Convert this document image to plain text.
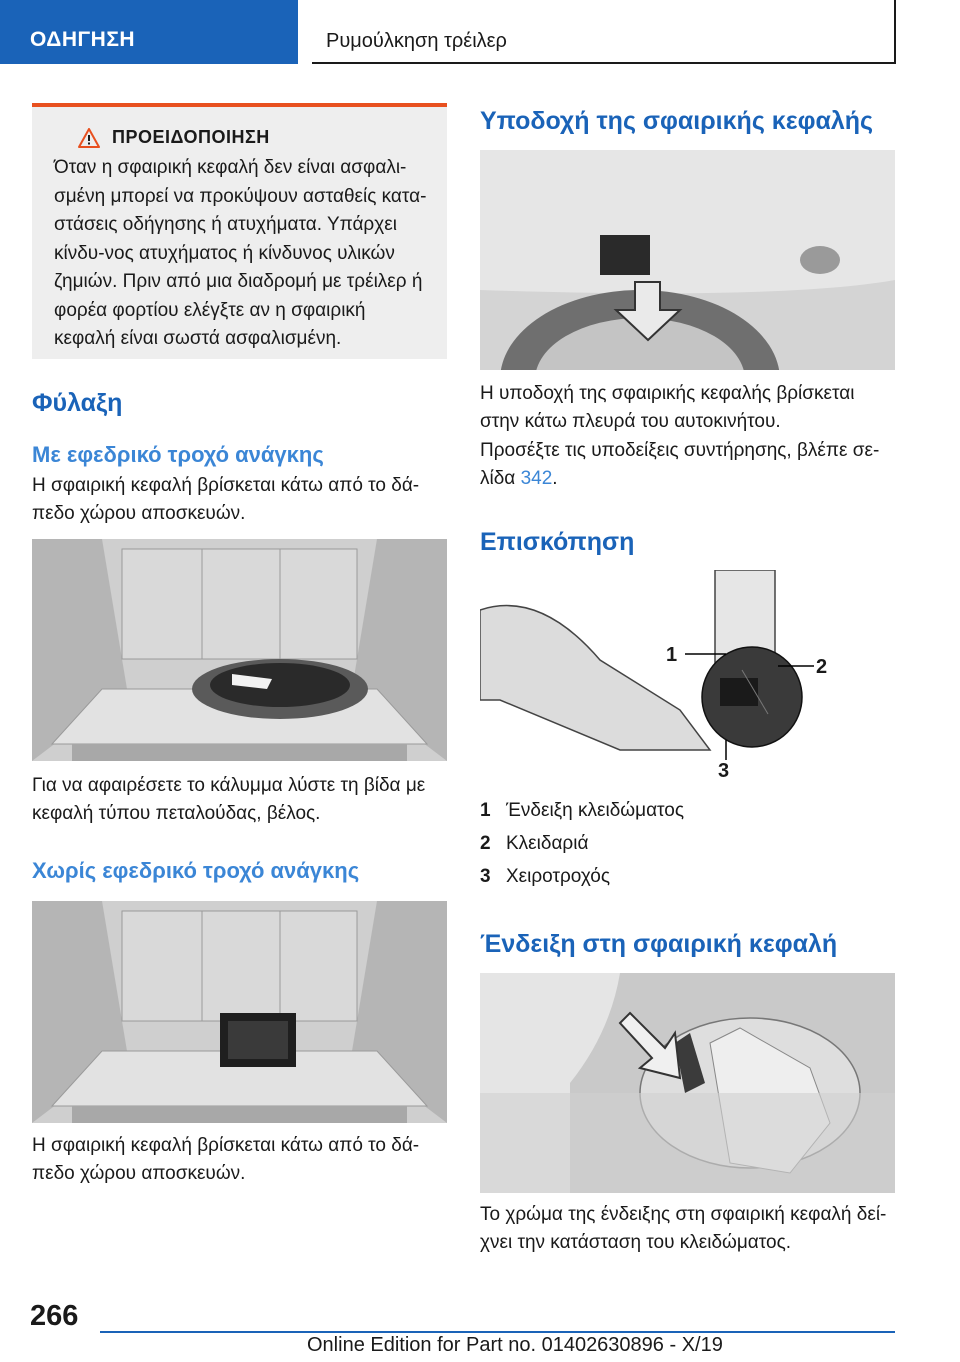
ΟΔΗΓΗΣΗ	Ρυμούλκηση τρέιλερ
ΠΡΟΕΙΔΟΠΟΙΗΣΗ

Όταν η σφαιρική κεφαλή δεν είναι ασφαλι-σμένη μπορεί να προκύψουν ασταθείς κατα-στάσεις οδήγησης ή ατυχήματα. Υπάρχει κίνδυ-νος ατυχήματος ή κίνδυνος υλικών ζημιών. Πριν από μια διαδρομή με τρέιλερ ή φορέα φορτίου ελέγξτε αν η σφαιρική κεφαλή είναι σωστά ασφαλισμένη.

Φύλαξη
Με εφεδρικό τροχό ανάγκης

Η σφαιρική κεφαλή βρίσκεται κάτω από το δά-πεδο χώρου αποσκευών.

Για να αφαιρέσετε το κάλυμμα λύστε τη βίδα με κεφαλή τύπου πεταλούδας, βέλος.

Χωρίς εφεδρικό τροχό ανάγκης

Η σφαιρική κεφαλή βρίσκεται κάτω από το δά-πεδο χώρου αποσκευών.

Υποδοχή της σφαιρικής κεφαλής

Η υποδοχή της σφαιρικής κεφαλής βρίσκεται στην κάτω πλευρά του αυτοκινήτου.

Προσέξτε τις υποδείξεις συντήρησης, βλέπε σε-λίδα 342.

Επισκόπηση
1
2
3
1 Ένδειξη κλειδώματος
2 Κλειδαριά
3 Χειροτροχός
Ένδειξη στη σφαιρική κεφαλή

Το χρώμα της ένδειξης στη σφαιρική κεφαλή δεί-χνει την κατάσταση του κλειδώματος.

266
Online Edition for Part no. 01402630896 - X/19
